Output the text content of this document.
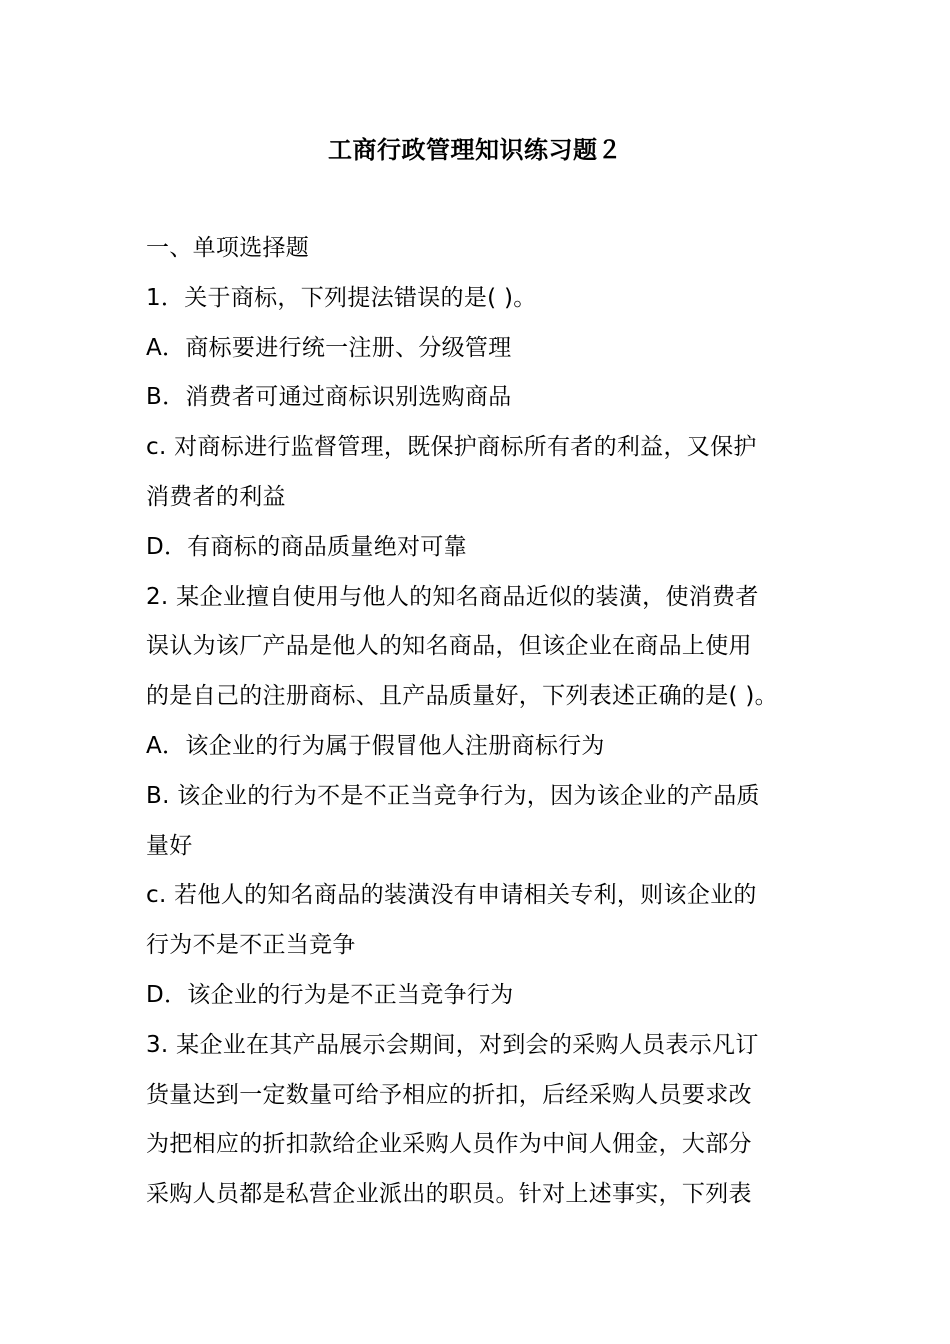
工商行政管理知识练习题２
一、单项选择题
1．关于商标，下列提法错误的是( )。
A．商标要进行统一注册、分级管理
B．消费者可通过商标识别选购商品
c. 对商标进行监督管理，既保护商标所有者的利益，又保护
消费者的利益
D．有商标的商品质量绝对可靠
2. 某企业擅自使用与他人的知名商品近似的装潢，使消费者
误认为该厂产品是他人的知名商品，但该企业在商品上使用
的是自己的注册商标、且产品质量好，下列表述正确的是( )。
A．该企业的行为属于假冒他人注册商标行为
B. 该企业的行为不是不正当竞争行为，因为该企业的产品质
量好
c. 若他人的知名商品的装潢没有申请相关专利，则该企业的
行为不是不正当竞争
D．该企业的行为是不正当竞争行为
3. 某企业在其产品展示会期间，对到会的采购人员表示凡订
货量达到一定数量可给予相应的折扣，后经采购人员要求改
为把相应的折扣款给企业采购人员作为中间人佣金，大部分
采购人员都是私营企业派出的职员。针对上述事实，下列表
